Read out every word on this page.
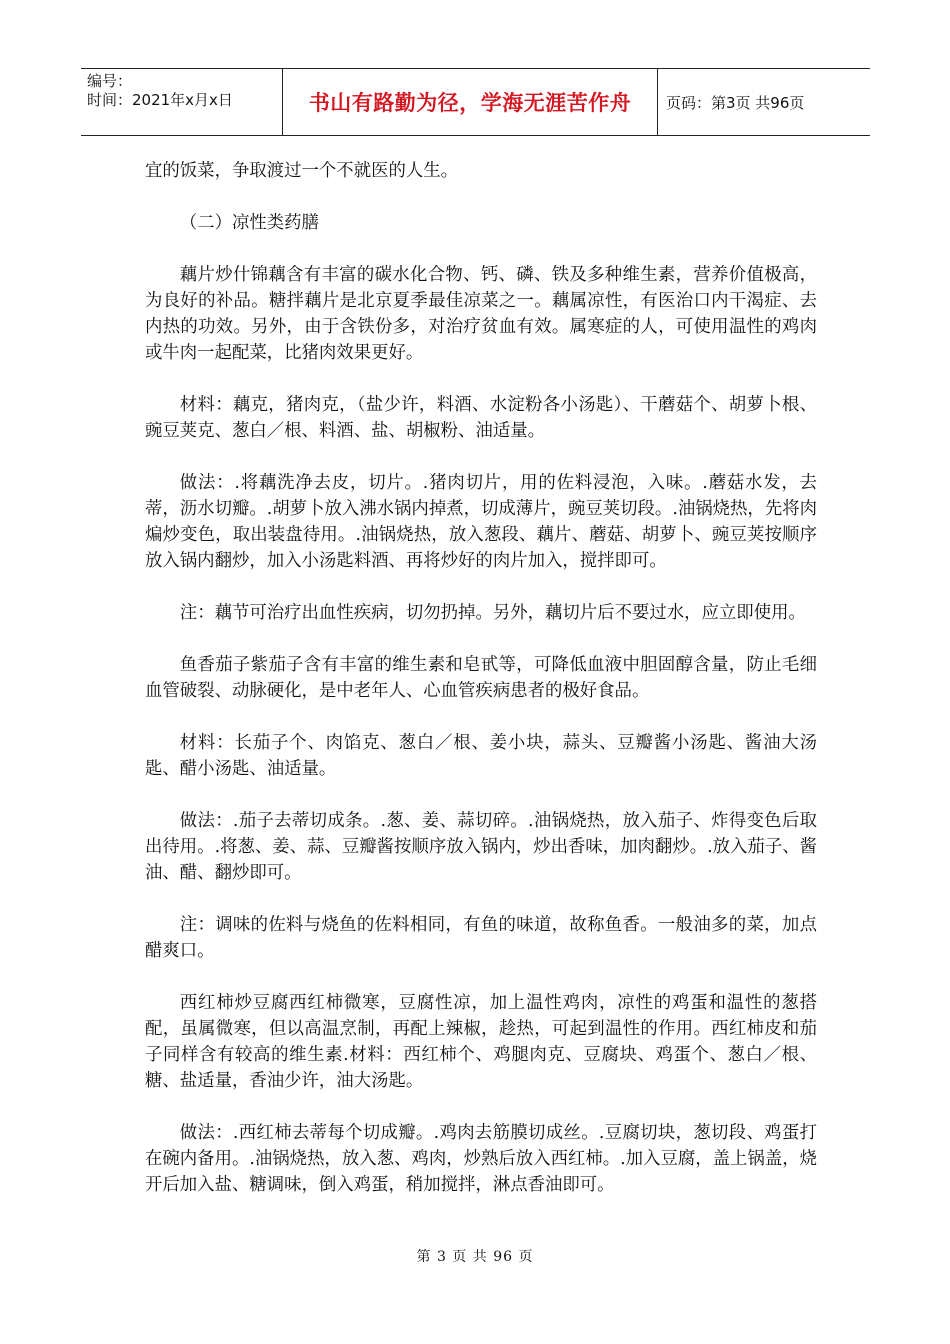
编号：
时间：2021年x月x日	书山有路勤为径，学海无涯苦作舟	页码：第3页 共96页

宜的饭菜，争取渡过一个不就医的人生。

（二）凉性类药膳

藕片炒什锦藕含有丰富的碳水化合物、钙、磷、铁及多种维生素，营养价值极高，为良好的补品。糖拌藕片是北京夏季最佳凉菜之一。藕属凉性，有医治口内干渴症、去内热的功效。另外，由于含铁份多，对治疗贫血有效。属寒症的人，可使用温性的鸡肉或牛肉一起配菜，比猪肉效果更好。

材料：藕克，猪肉克，（盐少许，料酒、水淀粉各小汤匙）、干蘑菇个、胡萝卜根、豌豆荚克、葱白／根、料酒、盐、胡椒粉、油适量。

做法：.将藕洗净去皮，切片。.猪肉切片，用的佐料浸泡，入味。.蘑菇水发，去蒂，沥水切瓣。.胡萝卜放入沸水锅内掉煮，切成薄片，豌豆荚切段。.油锅烧热，先将肉煸炒变色，取出装盘待用。.油锅烧热，放入葱段、藕片、蘑菇、胡萝卜、豌豆荚按顺序放入锅内翻炒，加入小汤匙料酒、再将炒好的肉片加入，搅拌即可。

注：藕节可治疗出血性疾病，切勿扔掉。另外，藕切片后不要过水，应立即使用。

鱼香茄子紫茄子含有丰富的维生素和皂甙等，可降低血液中胆固醇含量，防止毛细血管破裂、动脉硬化，是中老年人、心血管疾病患者的极好食品。

材料：长茄子个、肉馅克、葱白／根、姜小块，蒜头、豆瓣酱小汤匙、酱油大汤匙、醋小汤匙、油适量。

做法：.茄子去蒂切成条。.葱、姜、蒜切碎。.油锅烧热，放入茄子、炸得变色后取出待用。.将葱、姜、蒜、豆瓣酱按顺序放入锅内，炒出香味，加肉翻炒。.放入茄子、酱油、醋、翻炒即可。

注：调味的佐料与烧鱼的佐料相同，有鱼的味道，故称鱼香。一般油多的菜，加点醋爽口。

西红柿炒豆腐西红柿微寒，豆腐性凉，加上温性鸡肉，凉性的鸡蛋和温性的葱搭配，虽属微寒，但以高温烹制，再配上辣椒，趁热，可起到温性的作用。西红柿皮和茄子同样含有较高的维生素.材料：西红柿个、鸡腿肉克、豆腐块、鸡蛋个、葱白／根、糖、盐适量，香油少许，油大汤匙。

做法：.西红柿去蒂每个切成瓣。.鸡肉去筋膜切成丝。.豆腐切块，葱切段、鸡蛋打在碗内备用。.油锅烧热，放入葱、鸡肉，炒熟后放入西红柿。.加入豆腐，盖上锅盖，烧开后加入盐、糖调味，倒入鸡蛋，稍加搅拌，淋点香油即可。

第 3 页 共 96 页
